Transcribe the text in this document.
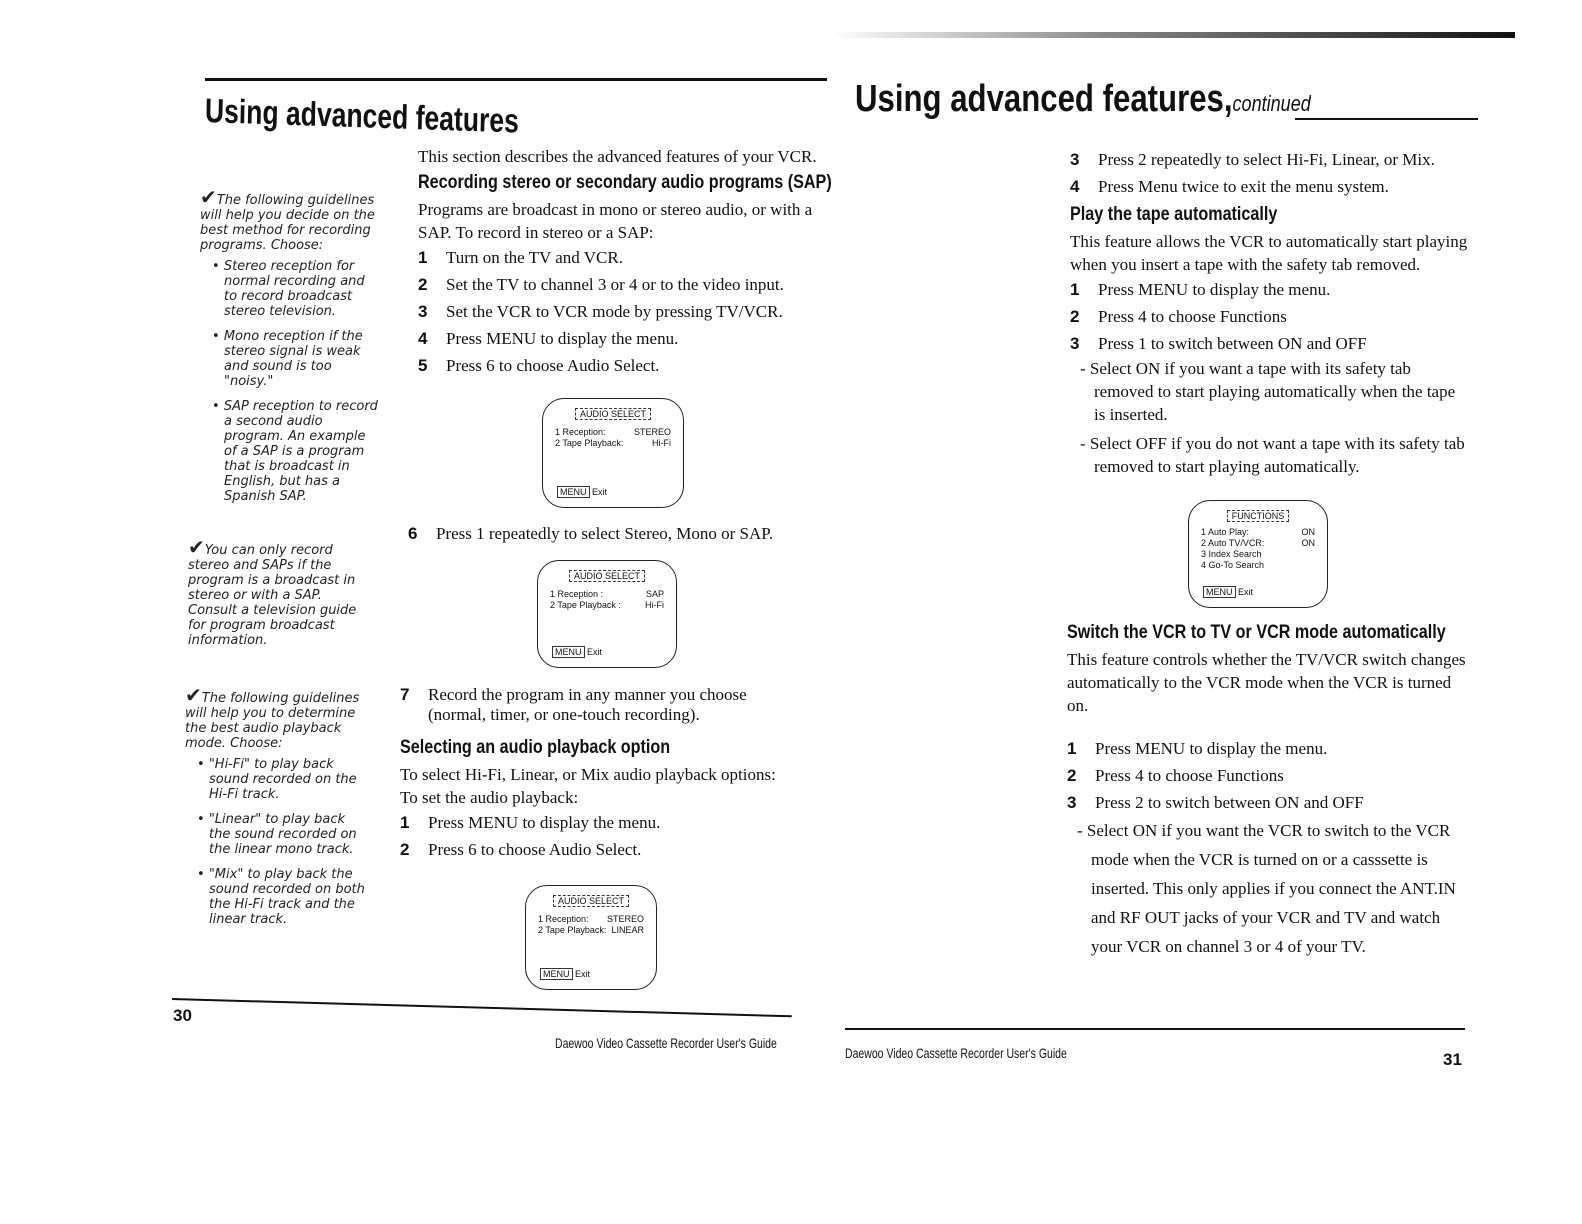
Using advanced features
✔The following guidelines will help you decide on the best method for recording programs. Choose:
• Stereo reception for normal recording and to record broadcast stereo television.
• Mono reception if the stereo signal is weak and sound is too "noisy."
• SAP reception to record a second audio program. An example of a SAP is a program that is broadcast in English, but has a Spanish SAP.
✔You can only record stereo and SAPs if the program is a broadcast in stereo or with a SAP. Consult a television guide for program broadcast information.
✔The following guidelines will help you to determine the best audio playback mode. Choose:
• "Hi-Fi" to play back sound recorded on the Hi-Fi track.
• "Linear" to play back the sound recorded on the linear mono track.
• "Mix" to play back the sound recorded on both the Hi-Fi track and the linear track.
This section describes the advanced features of your VCR.
Recording stereo or secondary audio programs (SAP)
Programs are broadcast in mono or stereo audio, or with a SAP. To record in stereo or a SAP:
1	Turn on the TV and VCR.
2	Set the TV to channel 3 or 4 or to the video input.
3	Set the VCR to VCR mode by pressing TV/VCR.
4	Press MENU to display the menu.
5	Press 6 to choose Audio Select.
AUDIO SELECT
1 Reception:	STEREO
2 Tape Playback:	Hi-Fi
MENU Exit
6	Press 1 repeatedly to select Stereo, Mono or SAP.
AUDIO SELECT
1 Reception :	SAP
2 Tape Playback :	Hi-Fi
MENU Exit
7	Record the program in any manner you choose (normal, timer, or one-touch recording).
Selecting an audio playback option
To select Hi-Fi, Linear, or Mix audio playback options:
To set the audio playback:
1	Press MENU to display the menu.
2	Press 6 to choose Audio Select.
AUDIO SELECT
1 Reception: STEREO
2 Tape Playback: LINEAR
MENU Exit
30
Daewoo Video Cassette Recorder User's Guide
Using advanced features,continued
3	Press 2 repeatedly to select Hi-Fi, Linear, or Mix.
4	Press Menu twice to exit the menu system.
Play the tape automatically
This feature allows the VCR to automatically start playing when you insert a tape with the safety tab removed.
1	Press MENU to display the menu.
2	Press 4 to choose Functions
3	Press 1 to switch between ON and OFF
- Select ON if you want a tape with its safety tab removed to start playing automatically when the tape is inserted.
- Select OFF if you do not want a tape with its safety tab removed to start playing automatically.
FUNCTIONS
1 Auto Play:	ON
2 Auto TV/VCR:	ON
3 Index Search
4 Go-To Search
MENU Exit
Switch the VCR to TV or VCR mode automatically
This feature controls whether the TV/VCR switch changes automatically to the VCR mode when the VCR is turned on.
1	Press MENU to display the menu.
2	Press 4 to choose Functions
3	Press 2 to switch between ON and OFF
- Select ON if you want the VCR to switch to the VCR mode when the VCR is turned on or a casssette is inserted. This only applies if you connect the ANT.IN and RF OUT jacks of your VCR and TV and watch your VCR on channel 3 or 4 of your TV.
Daewoo Video Cassette Recorder User's Guide	31
